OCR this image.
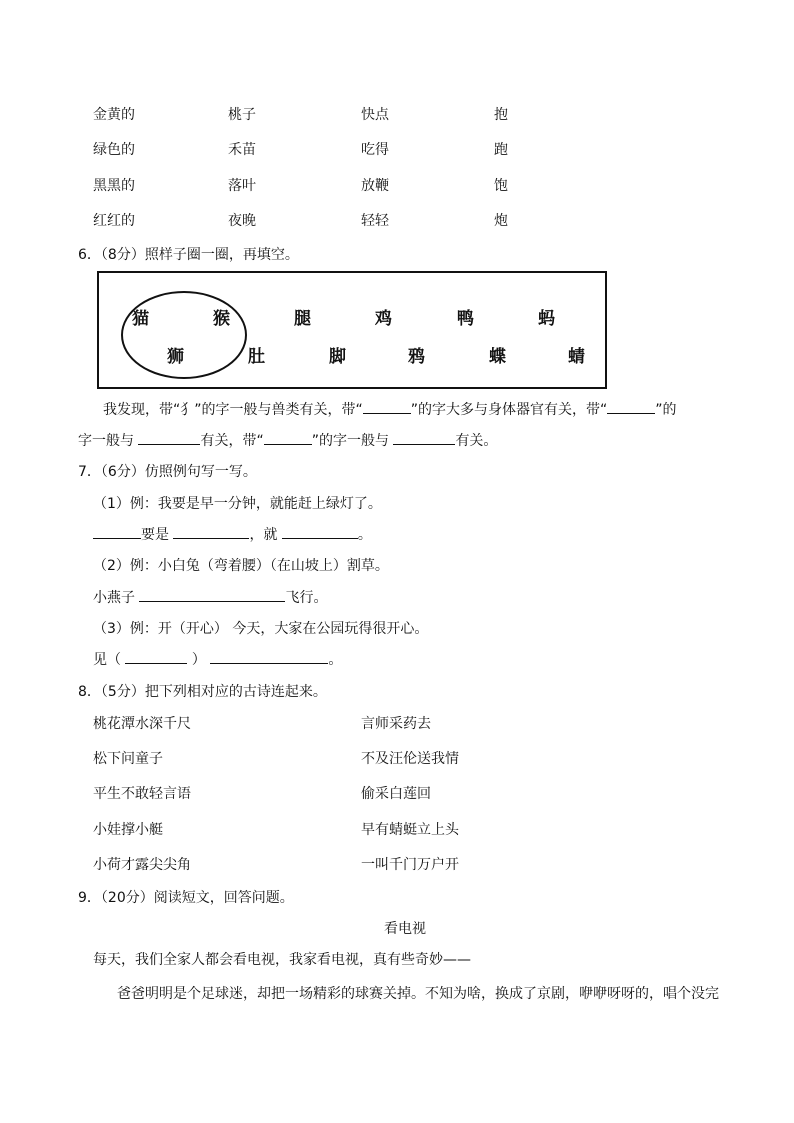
金黄的	桃子	快点	抱
绿色的	禾苗	吃得	跑
黑黑的	落叶	放鞭	饱
红红的	夜晚	轻轻	炮
6．（8分）照样子圈一圈，再填空。
猫	猴	腿	鸡	鸭	蚂
狮	肚	脚	鸦	蝶	蜻
我发现，带“犭”的字一般与兽类有关，带“	”的字大多与身体器官有关，带“	”的
字一般与	有关，带“	”的字一般与	有关。
7．（6分）仿照例句写一写。
（1）例：我要是早一分钟，就能赶上绿灯了。
要是	，就	。
（2）例：小白兔（弯着腰）（在山坡上）割草。
小燕子	飞行。
（3）例：开（开心） 今天，大家在公园玩得很开心。
见（	）	。
8．（5分）把下列相对应的古诗连起来。
桃花潭水深千尺
松下问童子
平生不敢轻言语
小娃撑小艇
小荷才露尖尖角
言师采药去
不及汪伦送我情
偷采白莲回
早有蜻蜓立上头
一叫千门万户开
9．（20分）阅读短文，回答问题。
看电视
每天，我们全家人都会看电视，我家看电视，真有些奇妙——
爸爸明明是个足球迷，却把一场精彩的球赛关掉。不知为啥，换成了京剧，咿咿呀呀的，唱个没完
